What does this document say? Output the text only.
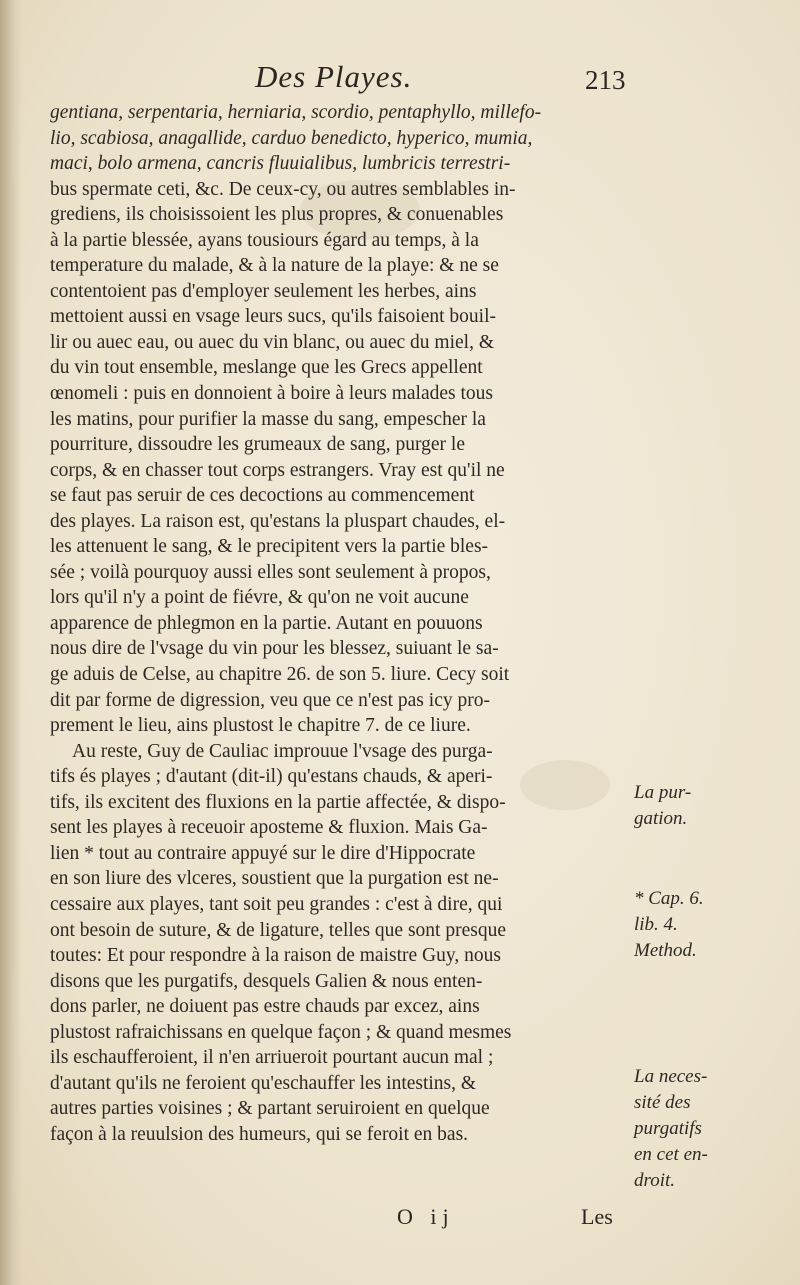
Des Playes.	213
gentiana, serpentaria, herniaria, scordio, pentaphyllo, millefo-
lio, scabiosa, anagallide, carduo benedicto, hyperico, mumia,
maci, bolo armena, cancris fluuialibus, lumbricis terrestri-
bus spermate ceti, &c. De ceux-cy, ou autres semblables in-
grediens, ils choisissoient les plus propres, & conuenables
à la partie blessée, ayans tousiours égard au temps, à la
temperature du malade, & à la nature de la playe: & ne se
contentoient pas d'employer seulement les herbes, ains
mettoient aussi en vsage leurs sucs, qu'ils faisoient bouil-
lir ou auec eau, ou auec du vin blanc, ou auec du miel, &
du vin tout ensemble, meslange que les Grecs appellent
œnomeli : puis en donnoient à boire à leurs malades tous
les matins, pour purifier la masse du sang, empescher la
pourriture, dissoudre les grumeaux de sang, purger le
corps, & en chasser tout corps estrangers. Vray est qu'il ne
se faut pas seruir de ces decoctions au commencement
des playes. La raison est, qu'estans la pluspart chaudes, el-
les attenuent le sang, & le precipitent vers la partie bles-
sée ; voilà pourquoy aussi elles sont seulement à propos,
lors qu'il n'y a point de fiévre, & qu'on ne voit aucune
apparence de phlegmon en la partie. Autant en pouuons
nous dire de l'vsage du vin pour les blessez, suiuant le sa-
ge aduis de Celse, au chapitre 26. de son 5. liure. Cecy soit
dit par forme de digression, veu que ce n'est pas icy pro-
prement le lieu, ains plustost le chapitre 7. de ce liure.
Au reste, Guy de Cauliac improuue l'vsage des purga-
tifs és playes ; d'autant (dit-il) qu'estans chauds, & aperi-
tifs, ils excitent des fluxions en la partie affectée, & dispo-
sent les playes à receuoir aposteme & fluxion. Mais Ga-
lien * tout au contraire appuyé sur le dire d'Hippocrate
en son liure des vlceres, soustient que la purgation est ne-
cessaire aux playes, tant soit peu grandes : c'est à dire, qui
ont besoin de suture, & de ligature, telles que sont presque
toutes: Et pour respondre à la raison de maistre Guy, nous
disons que les purgatifs, desquels Galien & nous enten-
dons parler, ne doiuent pas estre chauds par excez, ains
plustost rafraichissans en quelque façon ; & quand mesmes
ils eschaufferoient, il n'en arriueroit pourtant aucun mal ;
d'autant qu'ils ne feroient qu'eschauffer les intestins, &
autres parties voisines ; & partant seruiroient en quelque
façon à la reuulsion des humeurs, qui se feroit en bas.
La pur-
gation.
* Cap. 6.
lib. 4.
Method.
La neces-
sité des
purgatifs
en cet en-
droit.
O ij	Les
